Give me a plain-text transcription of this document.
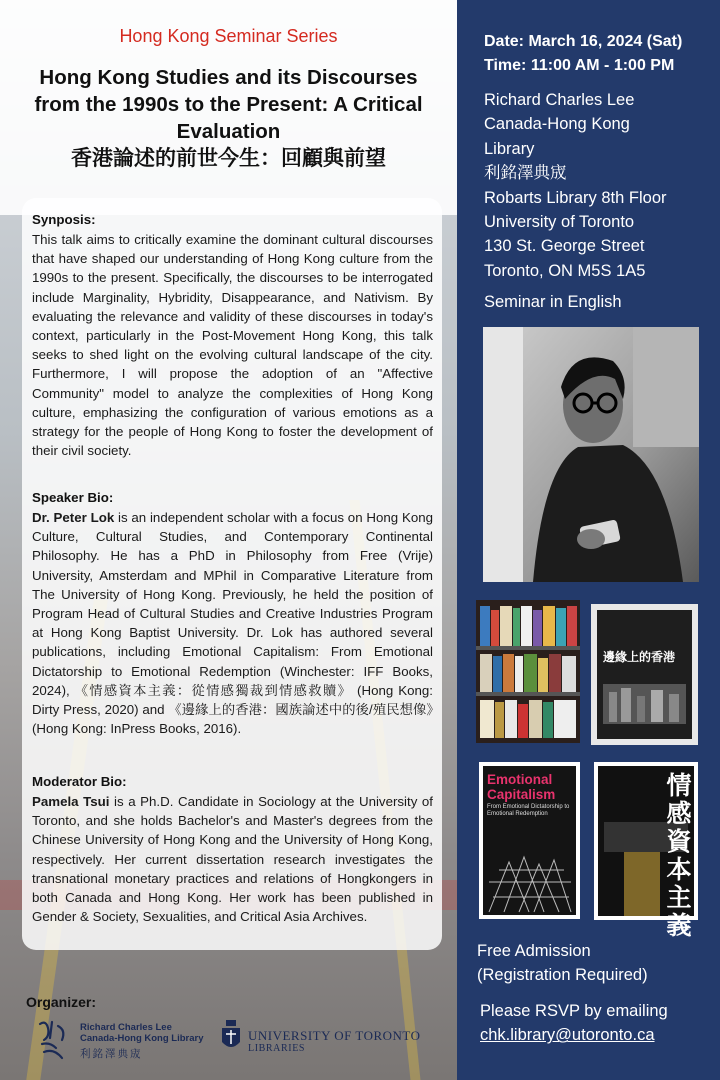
Hong Kong Seminar Series
Hong Kong Studies and its Discourses from the 1990s to the Present: A Critical Evaluation
香港論述的前世今生：回顧與前望
Synposis:
This talk aims to critically examine the dominant cultural discourses that have shaped our understanding of Hong Kong culture from the 1990s to the present. Specifically, the discourses to be interrogated include Marginality, Hybridity, Disappearance, and Nativism. By evaluating the relevance and validity of these discourses in today's context, particularly in the Post-Movement Hong Kong, this talk seeks to shed light on the evolving cultural landscape of the city. Furthermore, I will propose the adoption of an "Affective Community" model to analyze the complexities of Hong Kong culture, emphasizing the configuration of various emotions as a strategy for the people of Hong Kong to foster the development of their civil society.
Speaker Bio:
Dr. Peter Lok is an independent scholar with a focus on Hong Kong Culture, Cultural Studies, and Contemporary Continental Philosophy. He has a PhD in Philosophy from Free (Vrije) University, Amsterdam and MPhil in Comparative Literature from The University of Hong Kong. Previously, he held the position of Program Head of Cultural Studies and Creative Industries Program at Hong Kong Baptist University. Dr. Lok has authored several publications, including Emotional Capitalism: From Emotional Dictatorship to Emotional Redemption (Winchester: IFF Books, 2024), 《情感資本主義：從情感獨裁到情感救贖》 (Hong Kong: Dirty Press, 2020) and 《邊緣上的香港：國族論述中的後/殖民想像》(Hong Kong: InPress Books, 2016).
Moderator Bio:
Pamela Tsui is a Ph.D. Candidate in Sociology at the University of Toronto, and she holds Bachelor's and Master's degrees from the Chinese University of Hong Kong and the University of Hong Kong, respectively. Her current dissertation research investigates the transnational monetary practices and relations of Hongkongers in both Canada and Hong Kong. Her work has been published in Gender & Society, Sexualities, and Critical Asia Archives.
Organizer:
Richard Charles Lee
Canada-Hong Kong Library
利銘澤典宬
UNIVERSITY OF TORONTO
LIBRARIES
Date: March 16, 2024 (Sat)
Time: 11:00 AM - 1:00 PM
Richard Charles Lee
Canada-Hong Kong
Library
利銘澤典宬
Robarts Library 8th Floor
University of Toronto
130 St. George Street
Toronto, ON M5S 1A5
Seminar in English
邊緣上的香港
Emotional
Capitalism
From Emotional Dictatorship to Emotional Redemption
情感資本主義
Free Admission
(Registration Required)
Please RSVP by emailing
chk.library@utoronto.ca
